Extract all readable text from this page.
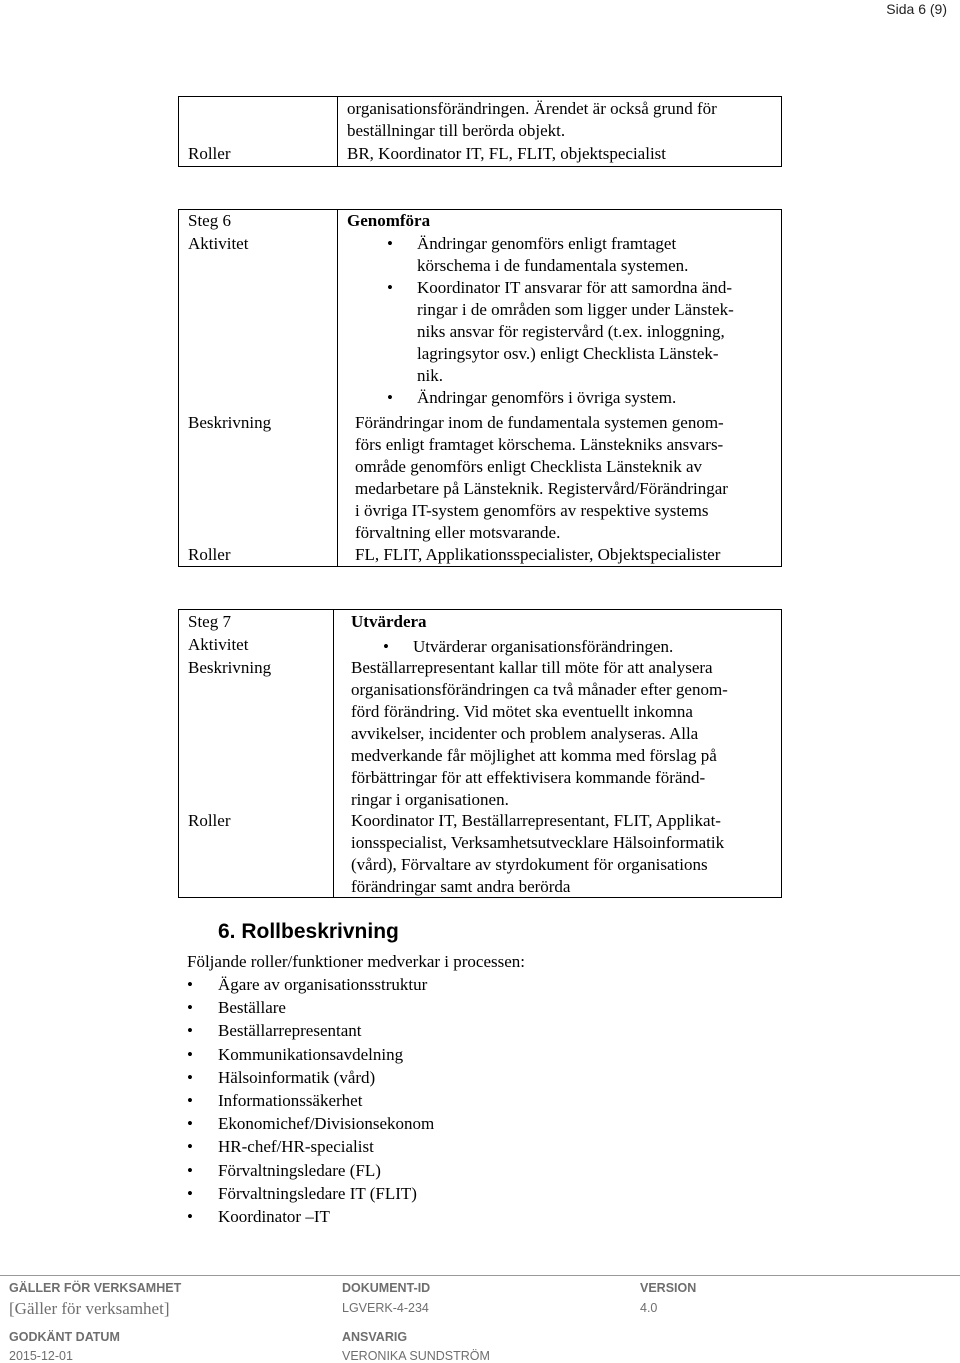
Sida 6 (9)
organisationsförändringen. Ärendet är också grund för
beställningar till berörda objekt.
Roller	BR, Koordinator IT, FL, FLIT, objektspecialist
Steg 6	Genomföra
Aktivitet	• Ändringar genomförs enligt framtaget
körschema i de fundamentala systemen.
• Koordinator IT ansvarar för att samordna änd-
ringar i de områden som ligger under Länstek-
niks ansvar för registervård (t.ex. inloggning,
lagringsytor osv.) enligt Checklista Länstek-
nik.
• Ändringar genomförs i övriga system.
Beskrivning	Förändringar inom de fundamentala systemen genom-
förs enligt framtaget körschema. Länstekniks ansvars-
område genomförs enligt Checklista Länsteknik av
medarbetare på Länsteknik. Registervård/Förändringar
i övriga IT-system genomförs av respektive systems
förvaltning eller motsvarande.
Roller	FL, FLIT, Applikationsspecialister, Objektspecialister
Steg 7	Utvärdera
Aktivitet	• Utvärderar organisationsförändringen.
Beskrivning	Beställarrepresentant kallar till möte för att analysera
organisationsförändringen ca två månader efter genom-
förd förändring. Vid mötet ska eventuellt inkomna
avvikelser, incidenter och problem analyseras. Alla
medverkande får möjlighet att komma med förslag på
förbättringar för att effektivisera kommande föränd-
ringar i organisationen.
Roller	Koordinator IT, Beställarrepresentant, FLIT, Applikat-
ionsspecialist, Verksamhetsutvecklare Hälsoinformatik
(vård), Förvaltare av styrdokument för organisations
förändringar samt andra berörda
6. Rollbeskrivning
Följande roller/funktioner medverkar i processen:
• Ägare av organisationsstruktur
• Beställare
• Beställarrepresentant
• Kommunikationsavdelning
• Hälsoinformatik (vård)
• Informationssäkerhet
• Ekonomichef/Divisionsekonom
• HR-chef/HR-specialist
• Förvaltningsledare (FL)
• Förvaltningsledare IT (FLIT)
• Koordinator –IT
GÄLLER FÖR VERKSAMHET
[Gäller för verksamhet]
DOKUMENT-ID
LGVERK-4-234
VERSION
4.0
GODKÄNT DATUM
2015-12-01
ANSVARIG
VERONIKA SUNDSTRÖM
